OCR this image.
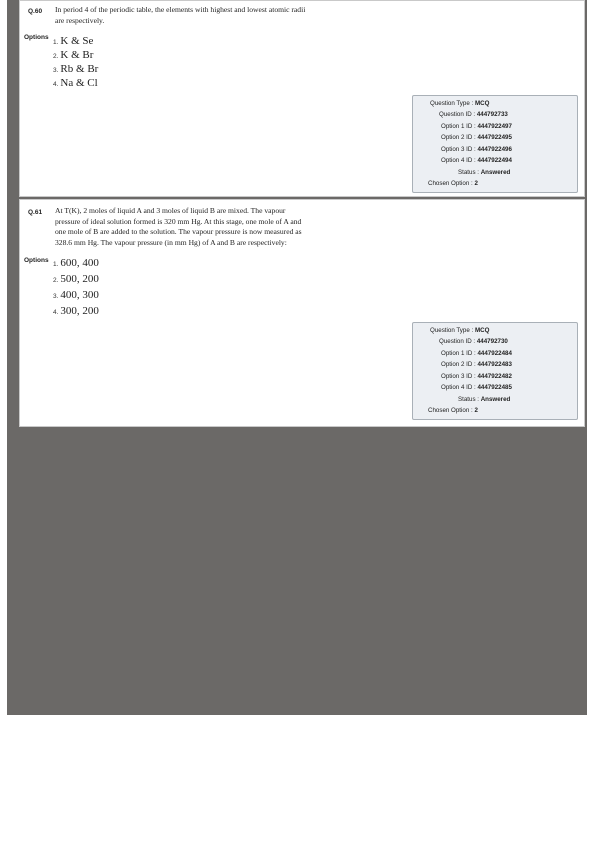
Q.60 In period 4 of the periodic table, the elements with highest and lowest atomic radii
are respectively.
Options
1. K & Se
2. K & Br
3. Rb & Br
4. Na & Cl
Question Type : MCQ
Question ID : 444792733
Option 1 ID : 4447922497
Option 2 ID : 4447922495
Option 3 ID : 4447922496
Option 4 ID : 4447922494
Status : Answered
Chosen Option : 2
Q.61 At T(K), 2 moles of liquid A and 3 moles of liquid B are mixed. The vapour
pressure of ideal solution formed is 320 mm Hg. At this stage, one mole of A and
one mole of B are added to the solution. The vapour pressure is now measured as
328.6 mm Hg. The vapour pressure (in mm Hg) of A and B are respectively:
Options
1. 600, 400
2. 500, 200
3. 400, 300
4. 300, 200
Question Type : MCQ
Question ID : 444792730
Option 1 ID : 4447922484
Option 2 ID : 4447922483
Option 3 ID : 4447922482
Option 4 ID : 4447922485
Status : Answered
Chosen Option : 2
